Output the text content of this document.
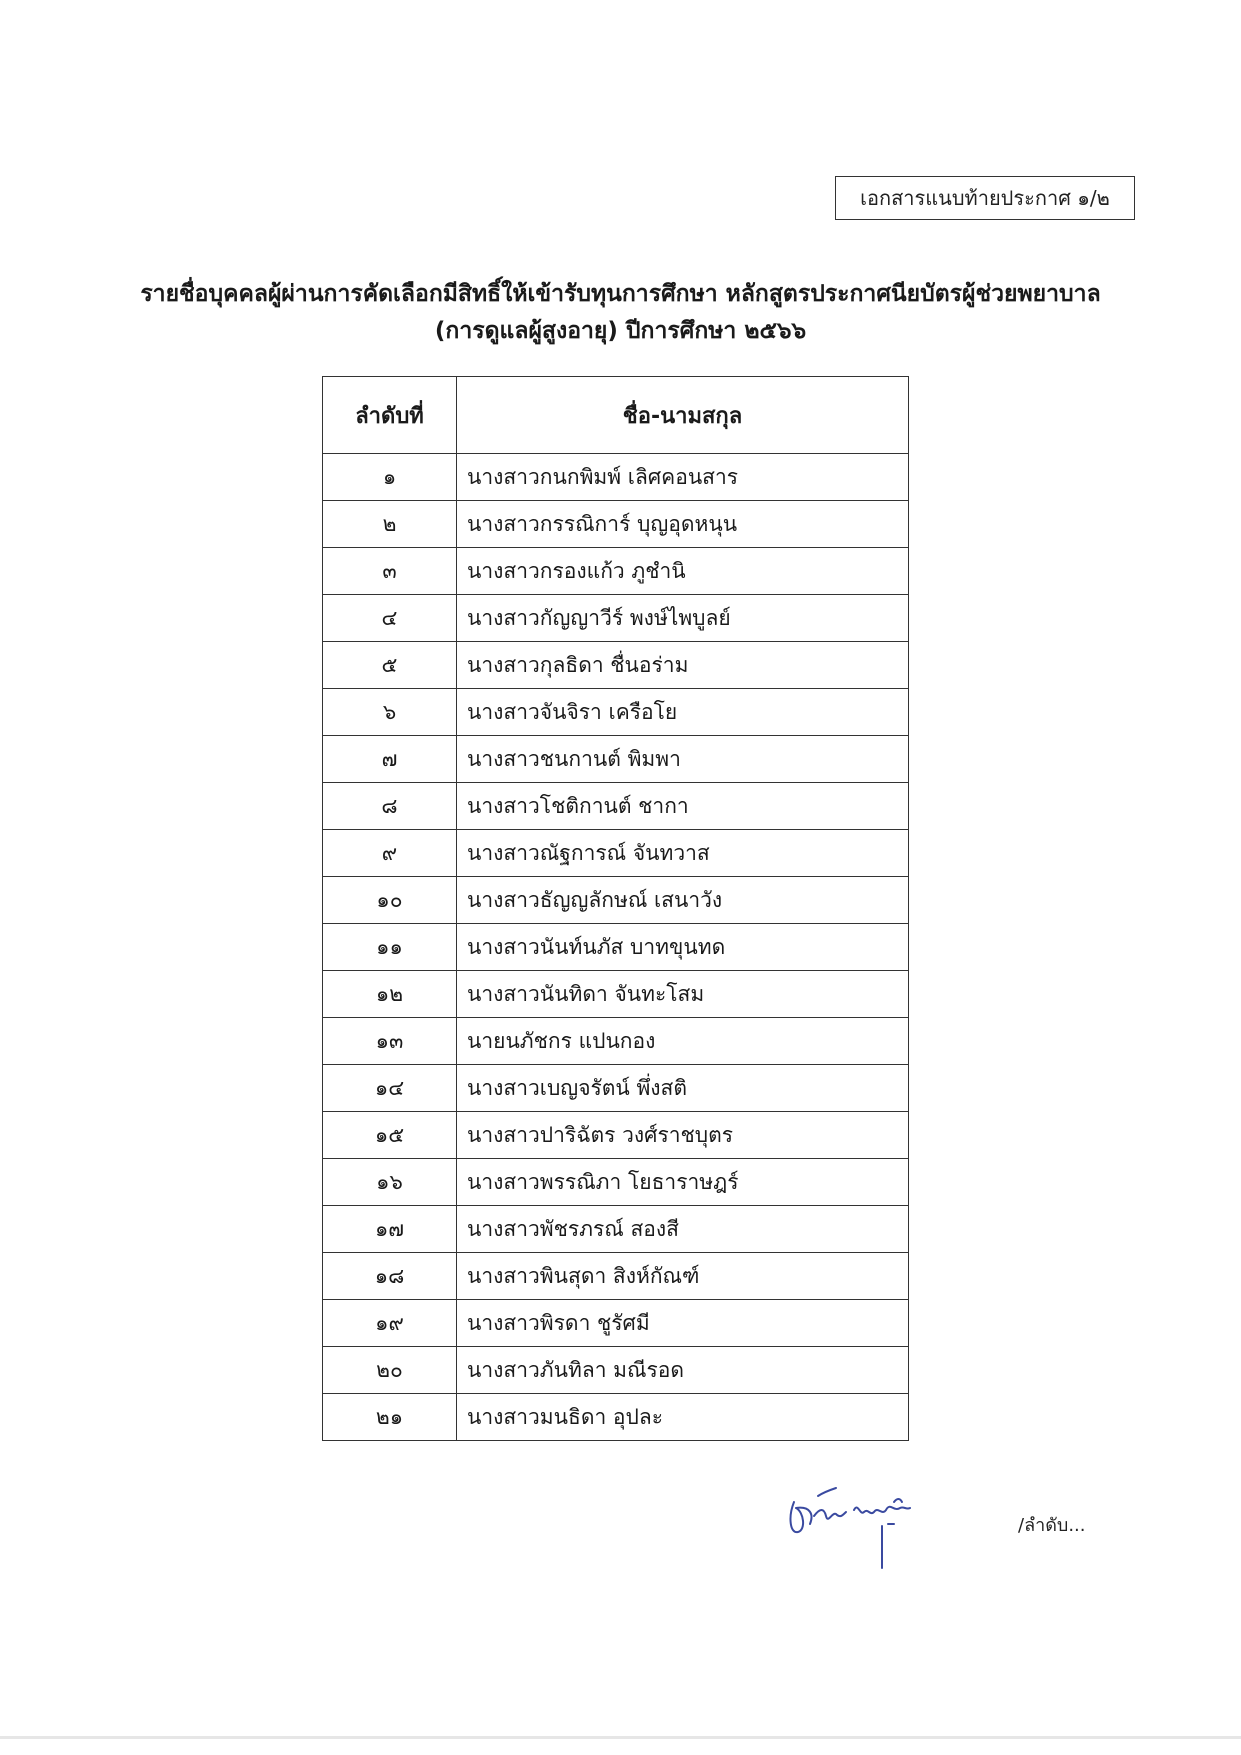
เอกสารแนบท้ายประกาศ ๑/๒
รายชื่อบุคคลผู้ผ่านการคัดเลือกมีสิทธิ์ให้เข้ารับทุนการศึกษา หลักสูตรประกาศนียบัตรผู้ช่วยพยาบาล
(การดูแลผู้สูงอายุ) ปีการศึกษา ๒๕๖๖
ลำดับที่	ชื่อ-นามสกุล
๑	นางสาวกนกพิมพ์ เลิศคอนสาร
๒	นางสาวกรรณิการ์ บุญอุดหนุน
๓	นางสาวกรองแก้ว ภูชำนิ
๔	นางสาวกัญญาวีร์ พงษ์ไพบูลย์
๕	นางสาวกุลธิดา ชื่นอร่าม
๖	นางสาวจันจิรา เครือโย
๗	นางสาวชนกานต์ พิมพา
๘	นางสาวโชติกานต์ ชากา
๙	นางสาวณัฐการณ์ จันทวาส
๑๐	นางสาวธัญญลักษณ์ เสนาวัง
๑๑	นางสาวนันท์นภัส บาทขุนทด
๑๒	นางสาวนันทิดา จันทะโสม
๑๓	นายนภัชกร แปนกอง
๑๔	นางสาวเบญจรัตน์ พึ่งสติ
๑๕	นางสาวปาริฉัตร วงศ์ราชบุตร
๑๖	นางสาวพรรณิภา โยธาราษฎร์
๑๗	นางสาวพัชรภรณ์ สองสี
๑๘	นางสาวพินสุดา สิงห์กัณฑ์
๑๙	นางสาวพิรดา ชูรัศมี
๒๐	นางสาวภันทิลา มณีรอด
๒๑	นางสาวมนธิดา อุปละ
/ลำดับ...
